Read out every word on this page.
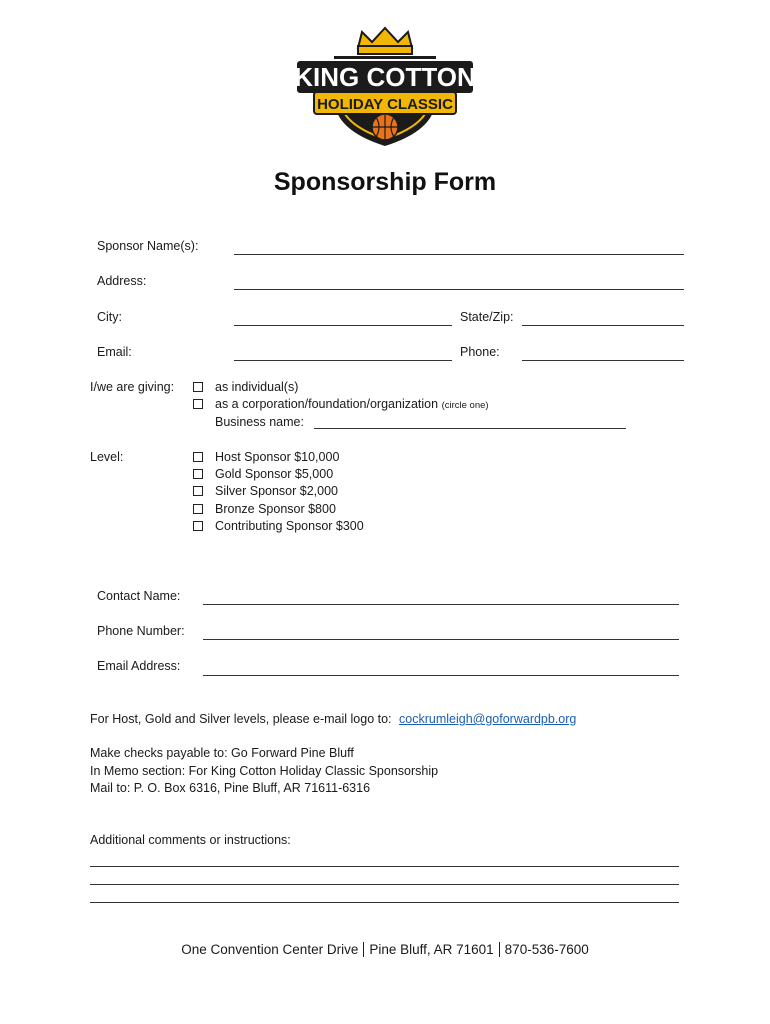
KING COTTON
HOLIDAY CLASSIC
Sponsorship Form
Sponsor Name(s):
Address:
City:	State/Zip:
Email:	Phone:
I/we are giving:	as individual(s)
as a corporation/foundation/organization (circle one)
Business name:
Level:	Host Sponsor $10,000
Gold Sponsor $5,000
Silver Sponsor $2,000
Bronze Sponsor $800
Contributing Sponsor $300
Contact Name:
Phone Number:
Email Address:
For Host, Gold and Silver levels, please e-mail logo to: cockrumleigh@goforwardpb.org
Make checks payable to: Go Forward Pine Bluff
In Memo section: For King Cotton Holiday Classic Sponsorship
Mail to: P. O. Box 6316, Pine Bluff, AR 71611-6316
Additional comments or instructions:
One Convention Center Drive Pine Bluff, AR 71601 870-536-7600
